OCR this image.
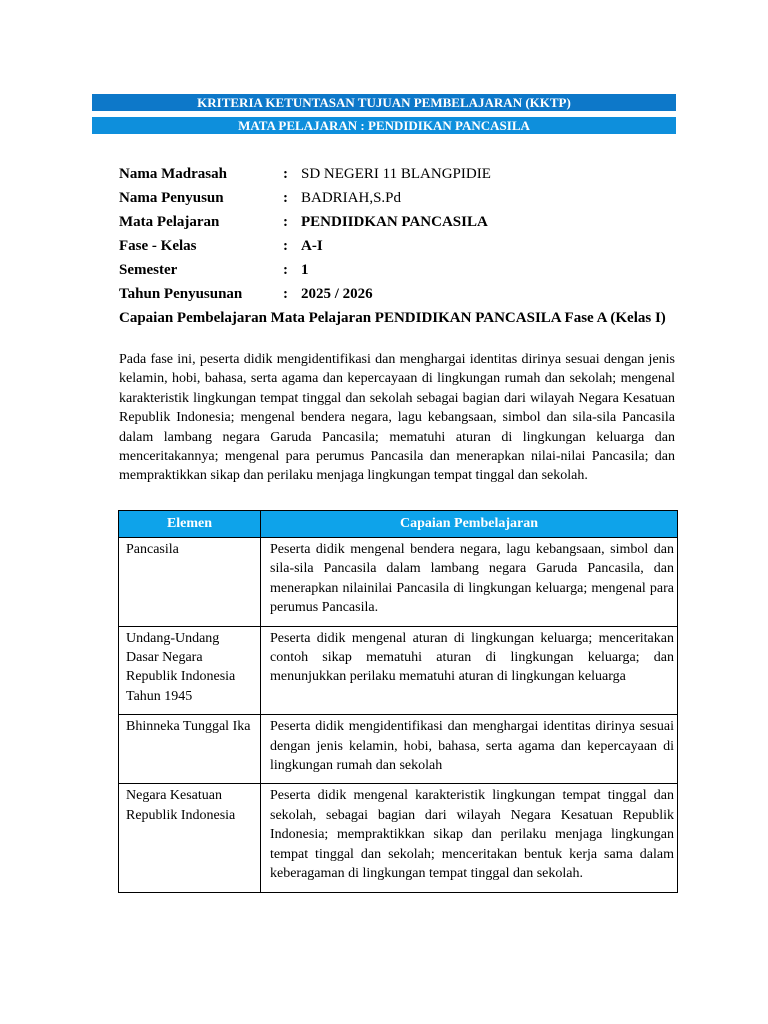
KRITERIA KETUNTASAN TUJUAN PEMBELAJARAN (KKTP)
MATA PELAJARAN : PENDIDIKAN PANCASILA
Nama Madrasah	: SD NEGERI 11 BLANGPIDIE
Nama Penyusun	: BADRIAH,S.Pd
Mata Pelajaran	: PENDIIDKAN PANCASILA
Fase - Kelas	: A-I
Semester	: 1
Tahun Penyusunan	: 2025 / 2026
Capaian Pembelajaran Mata Pelajaran PENDIDIKAN PANCASILA Fase A (Kelas I)
Pada fase ini, peserta didik mengidentifikasi dan menghargai identitas dirinya sesuai dengan jenis kelamin, hobi, bahasa, serta agama dan kepercayaan di lingkungan rumah dan sekolah; mengenal karakteristik lingkungan tempat tinggal dan sekolah sebagai bagian dari wilayah Negara Kesatuan Republik Indonesia; mengenal bendera negara, lagu kebangsaan, simbol dan sila-sila Pancasila dalam lambang negara Garuda Pancasila; mematuhi aturan di lingkungan keluarga dan menceritakannya; mengenal para perumus Pancasila dan menerapkan nilai-nilai Pancasila; dan mempraktikkan sikap dan perilaku menjaga lingkungan tempat tinggal dan sekolah.
Elemen	Capaian Pembelajaran
Pancasila	Peserta didik mengenal bendera negara, lagu kebangsaan, simbol dan sila-sila Pancasila dalam lambang negara Garuda Pancasila, dan menerapkan nilainilai Pancasila di lingkungan keluarga; mengenal para perumus Pancasila.
Undang-Undang Dasar Negara Republik Indonesia Tahun 1945	Peserta didik mengenal aturan di lingkungan keluarga; menceritakan contoh sikap mematuhi aturan di lingkungan keluarga; dan menunjukkan perilaku mematuhi aturan di lingkungan keluarga
Bhinneka Tunggal Ika	Peserta didik mengidentifikasi dan menghargai identitas dirinya sesuai dengan jenis kelamin, hobi, bahasa, serta agama dan kepercayaan di lingkungan rumah dan sekolah
Negara Kesatuan Republik Indonesia	Peserta didik mengenal karakteristik lingkungan tempat tinggal dan sekolah, sebagai bagian dari wilayah Negara Kesatuan Republik Indonesia; mempraktikkan sikap dan perilaku menjaga lingkungan tempat tinggal dan sekolah; menceritakan bentuk kerja sama dalam keberagaman di lingkungan tempat tinggal dan sekolah.
